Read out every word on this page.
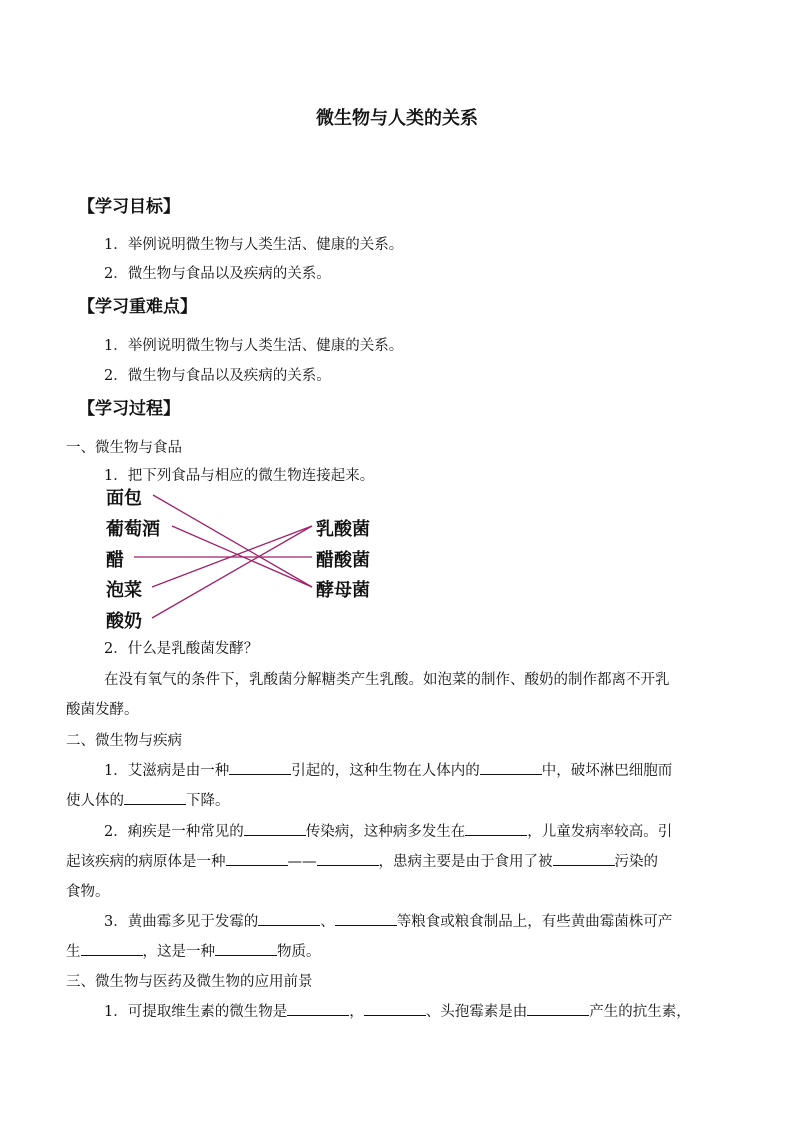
微生物与人类的关系
【学习目标】
1．举例说明微生物与人类生活、健康的关系。
2．微生物与食品以及疾病的关系。
【学习重难点】
1．举例说明微生物与人类生活、健康的关系。
2．微生物与食品以及疾病的关系。
【学习过程】
一、微生物与食品
1．把下列食品与相应的微生物连接起来。
面包
葡萄酒
醋
泡菜
酸奶
乳酸菌
醋酸菌
酵母菌
2．什么是乳酸菌发酵？
在没有氧气的条件下，乳酸菌分解糖类产生乳酸。如泡菜的制作、酸奶的制作都离不开乳
酸菌发酵。
二、微生物与疾病
1．艾滋病是由一种	引起的，这种生物在人体内的	中，破坏淋巴细胞而
使人体的	下降。
2．痢疾是一种常见的	传染病，这种病多发生在	，儿童发病率较高。引
起该疾病的病原体是一种	——	，患病主要是由于食用了被	污染的
食物。
3．黄曲霉多见于发霉的	、	等粮食或粮食制品上，有些黄曲霉菌株可产
生	，这是一种	物质。
三、微生物与医药及微生物的应用前景
1．可提取维生素的微生物是	，	、头孢霉素是由	产生的抗生素，
